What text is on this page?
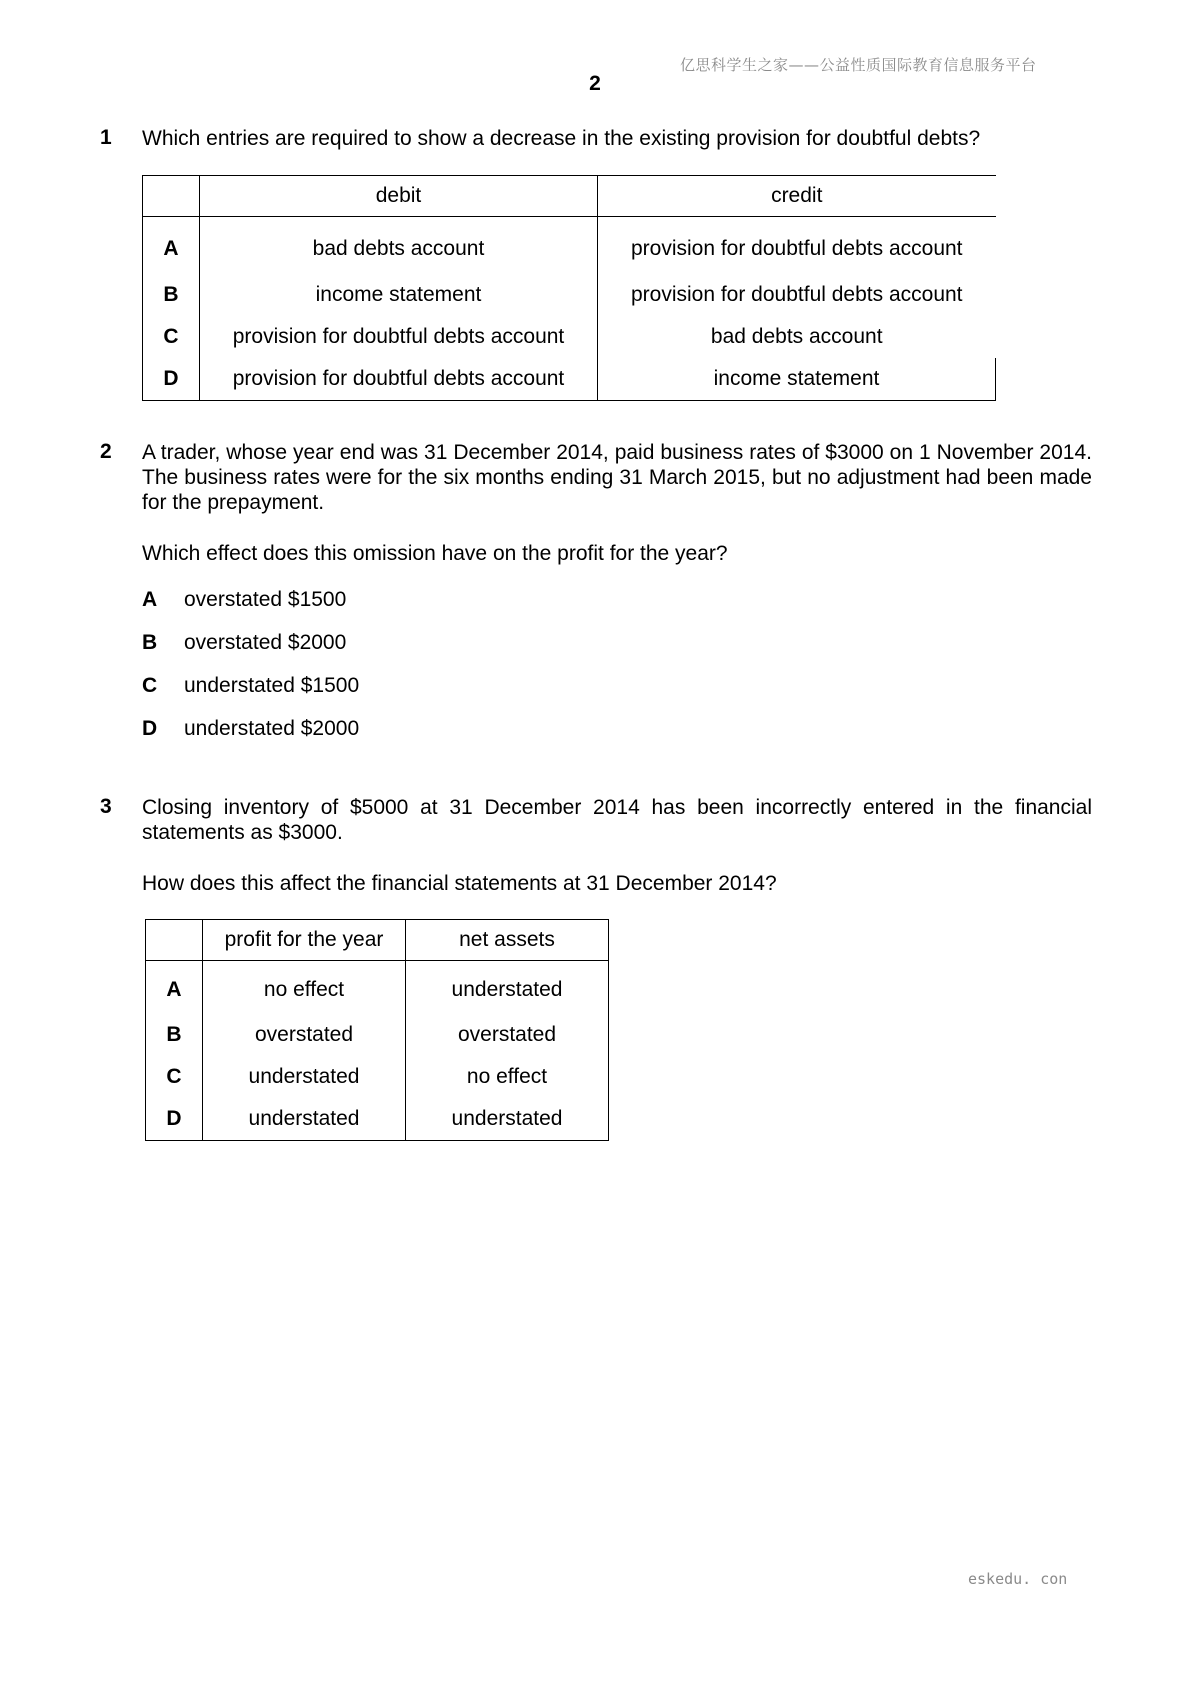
亿思科学生之家——公益性质国际教育信息服务平台
2
1 Which entries are required to show a decrease in the existing provision for doubtful debts?
	debit	credit
A	bad debts account	provision for doubtful debts account
B	income statement	provision for doubtful debts account
C	provision for doubtful debts account	bad debts account
D	provision for doubtful debts account	income statement
2 A trader, whose year end was 31 December 2014, paid business rates of $3000 on 1 November 2014. The business rates were for the six months ending 31 March 2015, but no adjustment had been made for the prepayment.
Which effect does this omission have on the profit for the year?
A overstated $1500
B overstated $2000
C understated $1500
D understated $2000
3 Closing inventory of $5000 at 31 December 2014 has been incorrectly entered in the financial statements as $3000.
How does this affect the financial statements at 31 December 2014?
	profit for the year	net assets
A	no effect	understated
B	overstated	overstated
C	understated	no effect
D	understated	understated
eskedu. con
